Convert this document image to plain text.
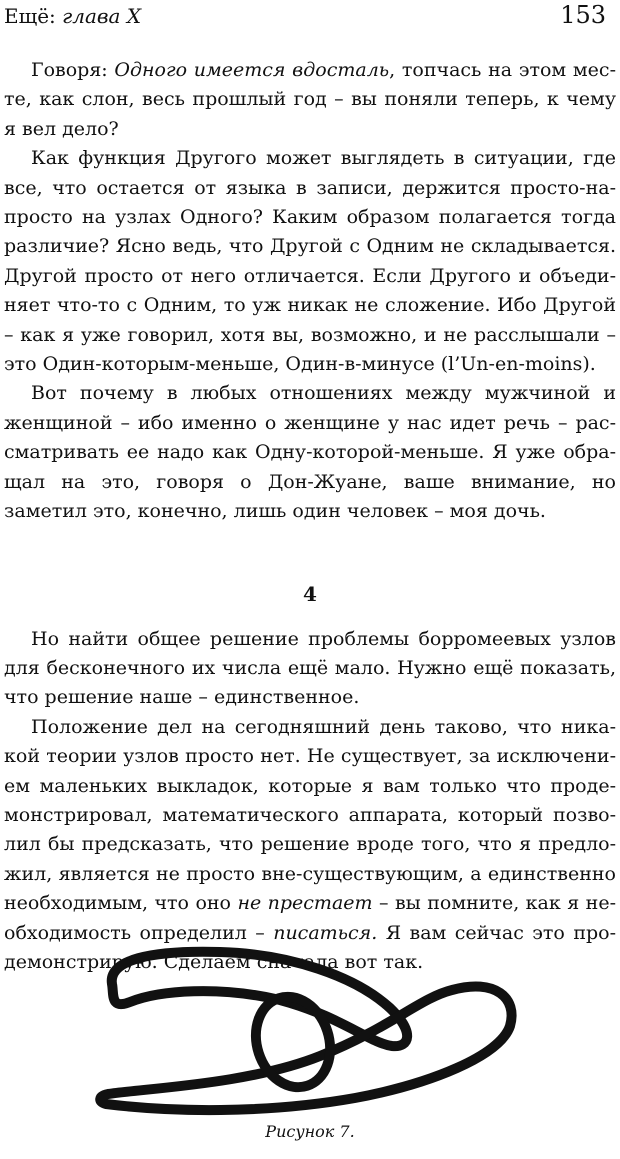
Ещё: глава X	153

Говоря: Одного имеется вдосталь, топчась на этом месте, как слон, весь прошлый год – вы поняли теперь, к чему я вел дело?

Как функция Другого может выглядеть в ситуации, где все, что остается от языка в записи, держится просто-напросто на узлах Одного? Каким образом полагается тогда различие? Ясно ведь, что Другой с Одним не складывается. Другой просто от него отличается. Если Другого и объединяет что-то с Одним, то уж никак не сложение. Ибо Другой – как я уже говорил, хотя вы, возможно, и не расслышали – это Один-которым-меньше, Один-в-минусе (l’Un-en-moins).

Вот почему в любых отношениях между мужчиной и женщиной – ибо именно о женщине у нас идет речь – рассматривать ее надо как Одну-которой-меньше. Я уже обращал на это, говоря о Дон-Жуане, ваше внимание, но заметил это, конечно, лишь один человек – моя дочь.

4

Но найти общее решение проблемы борромеевых узлов для бесконечного их числа ещё мало. Нужно ещё показать, что решение наше – единственное.

Положение дел на сегодняшний день таково, что никакой теории узлов просто нет. Не существует, за исключением маленьких выкладок, которые я вам только что продемонстрировал, математического аппарата, который позволил бы предсказать, что решение вроде того, что я предложил, является не просто вне-существующим, а единственно необходимым, что оно не престает – вы помните, как я необходимость определил – писаться. Я вам сейчас это продемонстрирую. Сделаем сначала вот так.

Рисунок 7.
